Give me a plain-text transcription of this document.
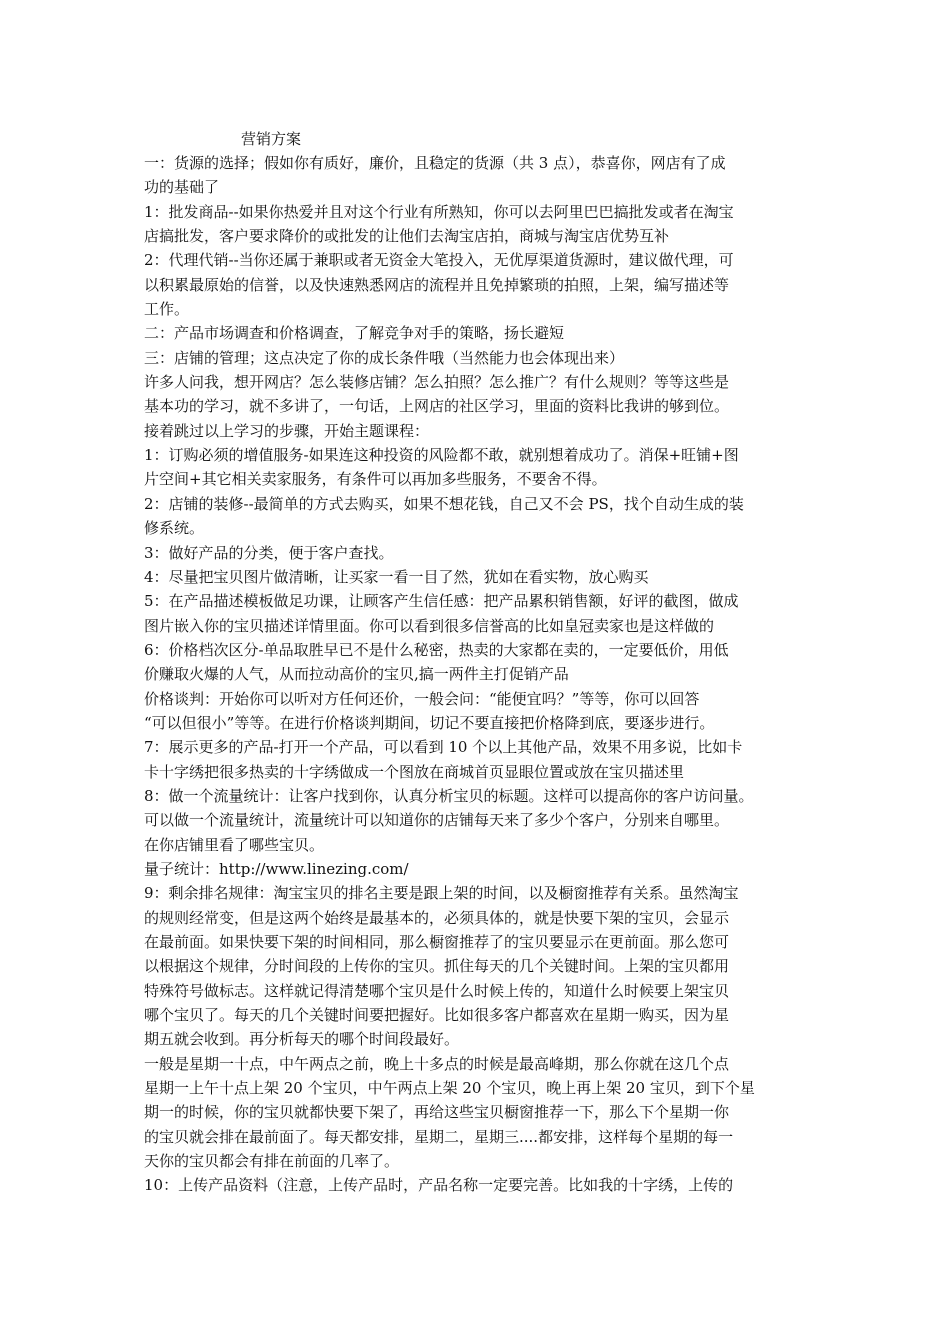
营销方案

一：货源的选择；假如你有质好，廉价，且稳定的货源（共 3 点），恭喜你，网店有了成
功的基础了

1：批发商品--如果你热爱并且对这个行业有所熟知，你可以去阿里巴巴搞批发或者在淘宝
店搞批发，客户要求降价的或批发的让他们去淘宝店拍，商城与淘宝店优势互补

2：代理代销--当你还属于兼职或者无资金大笔投入，无优厚渠道货源时，建议做代理，可
以积累最原始的信誉，以及快速熟悉网店的流程并且免掉繁琐的拍照，上架，编写描述等
工作。

二：产品市场调查和价格调查，了解竞争对手的策略，扬长避短

三：店铺的管理；这点决定了你的成长条件哦（当然能力也会体现出来）

许多人问我，想开网店？怎么装修店铺？怎么拍照？怎么推广？有什么规则？等等这些是
基本功的学习，就不多讲了，一句话，上网店的社区学习，里面的资料比我讲的够到位。

接着跳过以上学习的步骤，开始主题课程：

1：订购必须的增值服务-如果连这种投资的风险都不敢，就别想着成功了。消保+旺铺+图
片空间+其它相关卖家服务，有条件可以再加多些服务，不要舍不得。

2：店铺的装修--最简单的方式去购买，如果不想花钱，自己又不会 PS，找个自动生成的装
修系统。

3：做好产品的分类，便于客户查找。

4：尽量把宝贝图片做清晰，让买家一看一目了然，犹如在看实物，放心购买

5：在产品描述模板做足功课，让顾客产生信任感：把产品累积销售额，好评的截图，做成
图片嵌入你的宝贝描述详情里面。你可以看到很多信誉高的比如皇冠卖家也是这样做的

6：价格档次区分-单品取胜早已不是什么秘密，热卖的大家都在卖的，一定要低价，用低
价赚取火爆的人气，从而拉动高价的宝贝,搞一两件主打促销产品

价格谈判：开始你可以听对方任何还价，一般会问：“能便宜吗？”等等，你可以回答
“可以但很小”等等。在进行价格谈判期间，切记不要直接把价格降到底，要逐步进行。

7：展示更多的产品-打开一个产品，可以看到 10 个以上其他产品，效果不用多说，比如卡
卡十字绣把很多热卖的十字绣做成一个图放在商城首页显眼位置或放在宝贝描述里

8：做一个流量统计：让客户找到你，认真分析宝贝的标题。这样可以提高你的客户访问量。
可以做一个流量统计，流量统计可以知道你的店铺每天来了多少个客户，分别来自哪里。
在你店铺里看了哪些宝贝。

量子统计：http://www.linezing.com/

9：剩余排名规律：淘宝宝贝的排名主要是跟上架的时间，以及橱窗推荐有关系。虽然淘宝
的规则经常变，但是这两个始终是最基本的，必须具体的，就是快要下架的宝贝，会显示
在最前面。如果快要下架的时间相同，那么橱窗推荐了的宝贝要显示在更前面。那么您可
以根据这个规律，分时间段的上传你的宝贝。抓住每天的几个关键时间。上架的宝贝都用
特殊符号做标志。这样就记得清楚哪个宝贝是什么时候上传的，知道什么时候要上架宝贝
哪个宝贝了。每天的几个关键时间要把握好。比如很多客户都喜欢在星期一购买，因为星
期五就会收到。再分析每天的哪个时间段最好。

一般是星期一十点，中午两点之前，晚上十多点的时候是最高峰期，那么你就在这几个点
星期一上午十点上架 20 个宝贝，中午两点上架 20 个宝贝，晚上再上架 20 宝贝，到下个星
期一的时候，你的宝贝就都快要下架了，再给这些宝贝橱窗推荐一下，那么下个星期一你
的宝贝就会排在最前面了。每天都安排，星期二，星期三....都安排，这样每个星期的每一
天你的宝贝都会有排在前面的几率了。

10：上传产品资料（注意，上传产品时，产品名称一定要完善。比如我的十字绣，上传的
